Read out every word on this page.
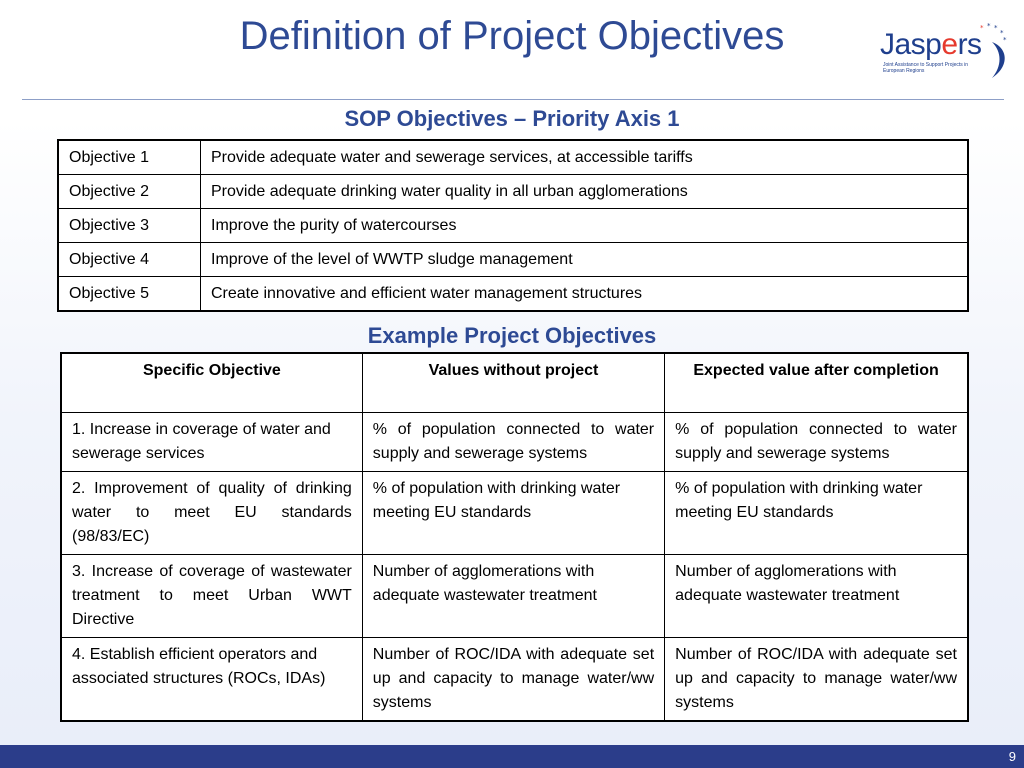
Definition of Project Objectives	Jaspers
Joint Assistance to Support Projects in European Regions
* * *
*
*
SOP Objectives – Priority Axis 1
Objective 1	Provide adequate water and sewerage services, at accessible tariffs
Objective 2	Provide adequate drinking water quality in all urban agglomerations
Objective 3	Improve the purity of watercourses
Objective 4	Improve of the level of WWTP sludge management
Objective 5	Create innovative and efficient water management structures
Example Project Objectives
Specific Objective	Values without project	Expected value after completion
1. Increase in coverage of water and sewerage services	% of population connected to water supply and sewerage systems	% of population connected to water supply and sewerage systems
2. Improvement of quality of drinking water to meet EU standards (98/83/EC)	% of population with drinking water meeting EU standards	% of population with drinking water meeting EU standards
3. Increase of coverage of wastewater treatment to meet Urban WWT Directive	Number of agglomerations with adequate wastewater treatment	Number of agglomerations with adequate wastewater treatment
4. Establish efficient operators and associated structures (ROCs, IDAs)	Number of ROC/IDA with adequate set up and capacity to manage water/ww systems	Number of ROC/IDA with adequate set up and capacity to manage water/ww systems
9
